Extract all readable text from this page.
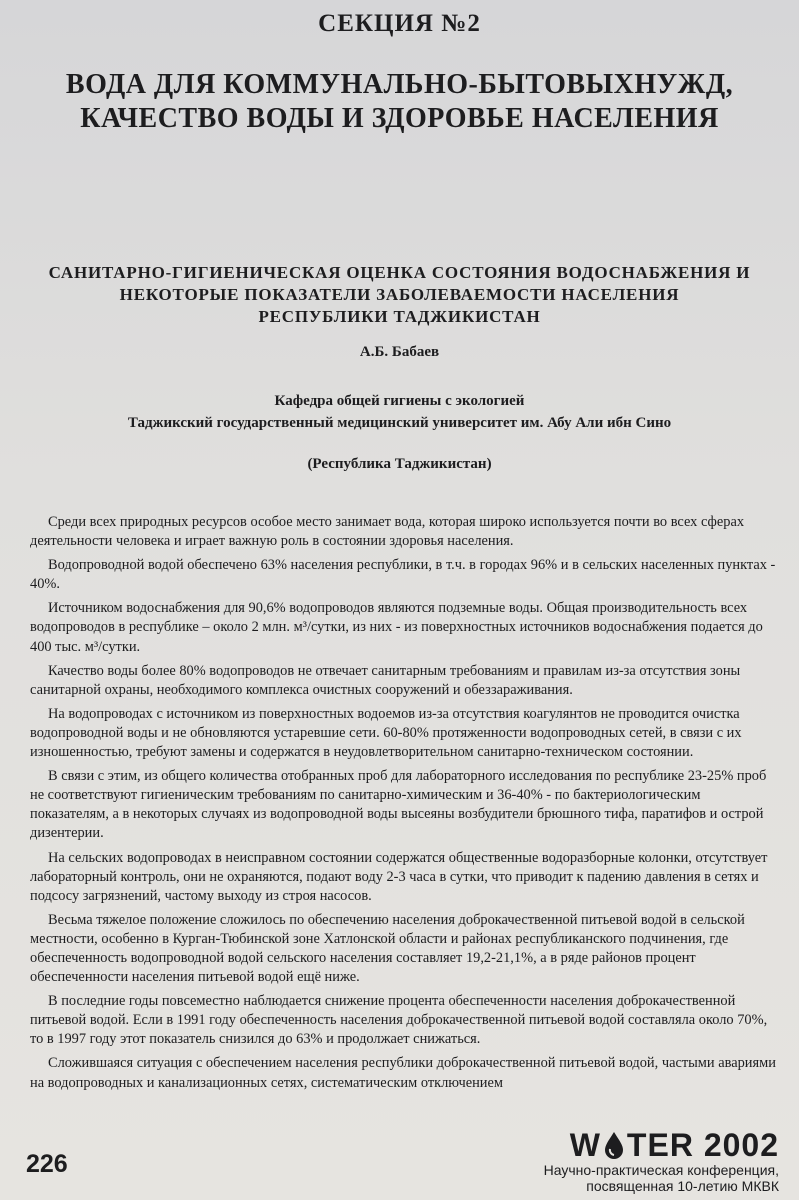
СЕКЦИЯ №2
ВОДА ДЛЯ КОММУНАЛЬНО-БЫТОВЫХНУЖД,
КАЧЕСТВО ВОДЫ И ЗДОРОВЬЕ НАСЕЛЕНИЯ
САНИТАРНО-ГИГИЕНИЧЕСКАЯ ОЦЕНКА СОСТОЯНИЯ ВОДОСНАБЖЕНИЯ И
НЕКОТОРЫЕ ПОКАЗАТЕЛИ ЗАБОЛЕВАЕМОСТИ НАСЕЛЕНИЯ
РЕСПУБЛИКИ ТАДЖИКИСТАН
А.Б. Бабаев
Кафедра общей гигиены с экологией
Таджикский государственный медицинский университет им. Абу Али ибн Сино
(Республика Таджикистан)

Среди всех природных ресурсов особое место занимает вода, которая широко используется почти во всех сферах деятельности человека и играет важную роль в состоянии здоровья населения.

Водопроводной водой обеспечено 63% населения республики, в т.ч. в городах 96% и в сельских населенных пунктах - 40%.

Источником водоснабжения для 90,6% водопроводов являются подземные воды. Общая производительность всех водопроводов в республике – около 2 млн. м³/сутки, из них - из поверхностных источников водоснабжения подается до 400 тыс. м³/сутки.

Качество воды более 80% водопроводов не отвечает санитарным требованиям и правилам из-за отсутствия зоны санитарной охраны, необходимого комплекса очистных сооружений и обеззараживания.

На водопроводах с источником из поверхностных водоемов из-за отсутствия коагулянтов не проводится очистка водопроводной воды и не обновляются устаревшие сети. 60-80% протяженности водопроводных сетей, в связи с их изношенностью, требуют замены и содержатся в неудовлетворительном санитарно-техническом состоянии.

В связи с этим, из общего количества отобранных проб для лабораторного исследования по республике 23-25% проб не соответствуют гигиеническим требованиям по санитарно-химическим и 36-40% - по бактериологическим показателям, а в некоторых случаях из водопроводной воды высеяны возбудители брюшного тифа, паратифов и острой дизентерии.

На сельских водопроводах в неисправном состоянии содержатся общественные водоразборные колонки, отсутствует лабораторный контроль, они не охраняются, подают воду 2-3 часа в сутки, что приводит к падению давления в сетях и подсосу загрязнений, частому выходу из строя насосов.

Весьма тяжелое положение сложилось по обеспечению населения доброкачественной питьевой водой в сельской местности, особенно в Курган-Тюбинской зоне Хатлонской области и районах республиканского подчинения, где обеспеченность водопроводной водой сельского населения составляет 19,2-21,1%, а в ряде районов процент обеспеченности населения питьевой водой ещё ниже.

В последние годы повсеместно наблюдается снижение процента обеспеченности населения доброкачественной питьевой водой. Если в 1991 году обеспеченность населения доброкачественной питьевой водой составляла около 70%, то в 1997 году этот показатель снизился до 63% и продолжает снижаться.

Сложившаяся ситуация с обеспечением населения республики доброкачественной питьевой водой, частыми авариями на водопроводных и канализационных сетях, систематическим отключением

226
W TER 2002
Научно-практическая конференция,
посвященная 10-летию МКВК
